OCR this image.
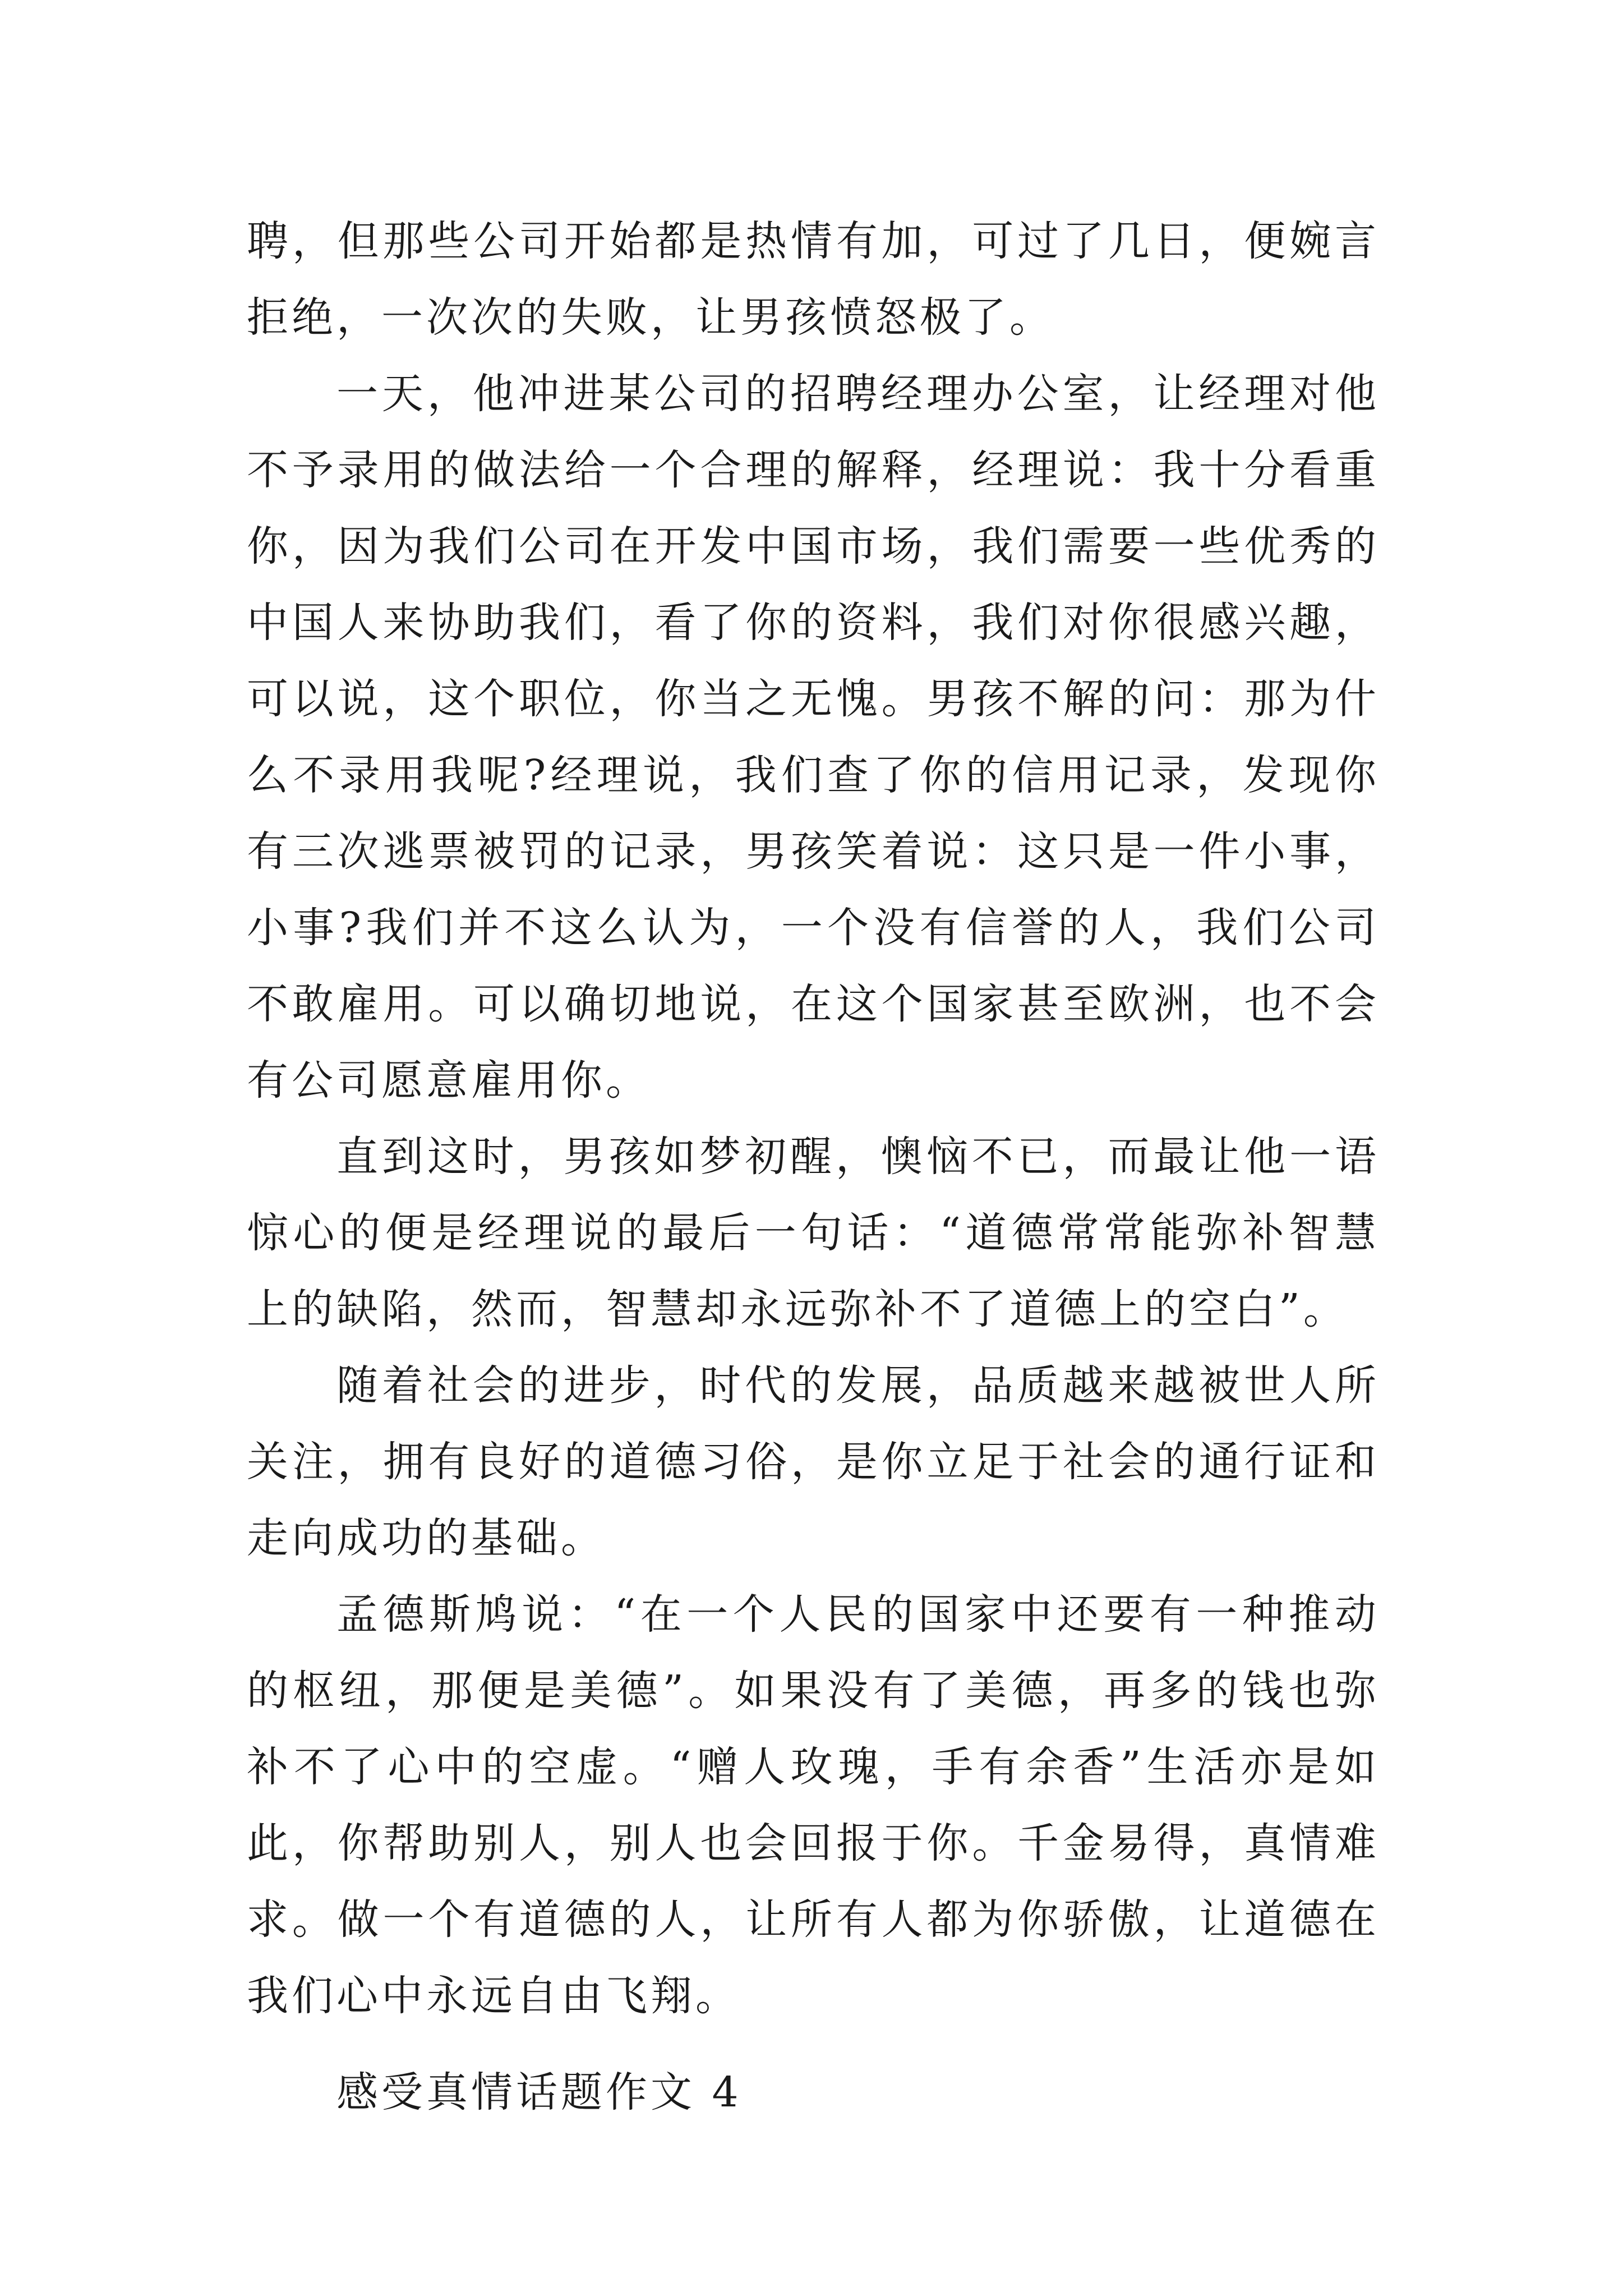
聘，但那些公司开始都是热情有加，可过了几日，便婉言拒绝，一次次的失败，让男孩愤怒极了。

一天，他冲进某公司的招聘经理办公室，让经理对他不予录用的做法给一个合理的解释，经理说：我十分看重你，因为我们公司在开发中国市场，我们需要一些优秀的中国人来协助我们，看了你的资料，我们对你很感兴趣，可以说，这个职位，你当之无愧。男孩不解的问：那为什么不录用我呢?经理说，我们查了你的信用记录，发现你有三次逃票被罚的记录，男孩笑着说：这只是一件小事，小事?我们并不这么认为，一个没有信誉的人，我们公司不敢雇用。可以确切地说，在这个国家甚至欧洲，也不会有公司愿意雇用你。

直到这时，男孩如梦初醒，懊恼不已，而最让他一语惊心的便是经理说的最后一句话：“道德常常能弥补智慧上的缺陷，然而，智慧却永远弥补不了道德上的空白”。

随着社会的进步，时代的发展，品质越来越被世人所关注，拥有良好的道德习俗，是你立足于社会的通行证和走向成功的基础。

孟德斯鸠说：“在一个人民的国家中还要有一种推动的枢纽，那便是美德”。如果没有了美德，再多的钱也弥补不了心中的空虚。“赠人玫瑰，手有余香”生活亦是如此，你帮助别人，别人也会回报于你。千金易得，真情难求。做一个有道德的人，让所有人都为你骄傲，让道德在我们心中永远自由飞翔。

感受真情话题作文 4
